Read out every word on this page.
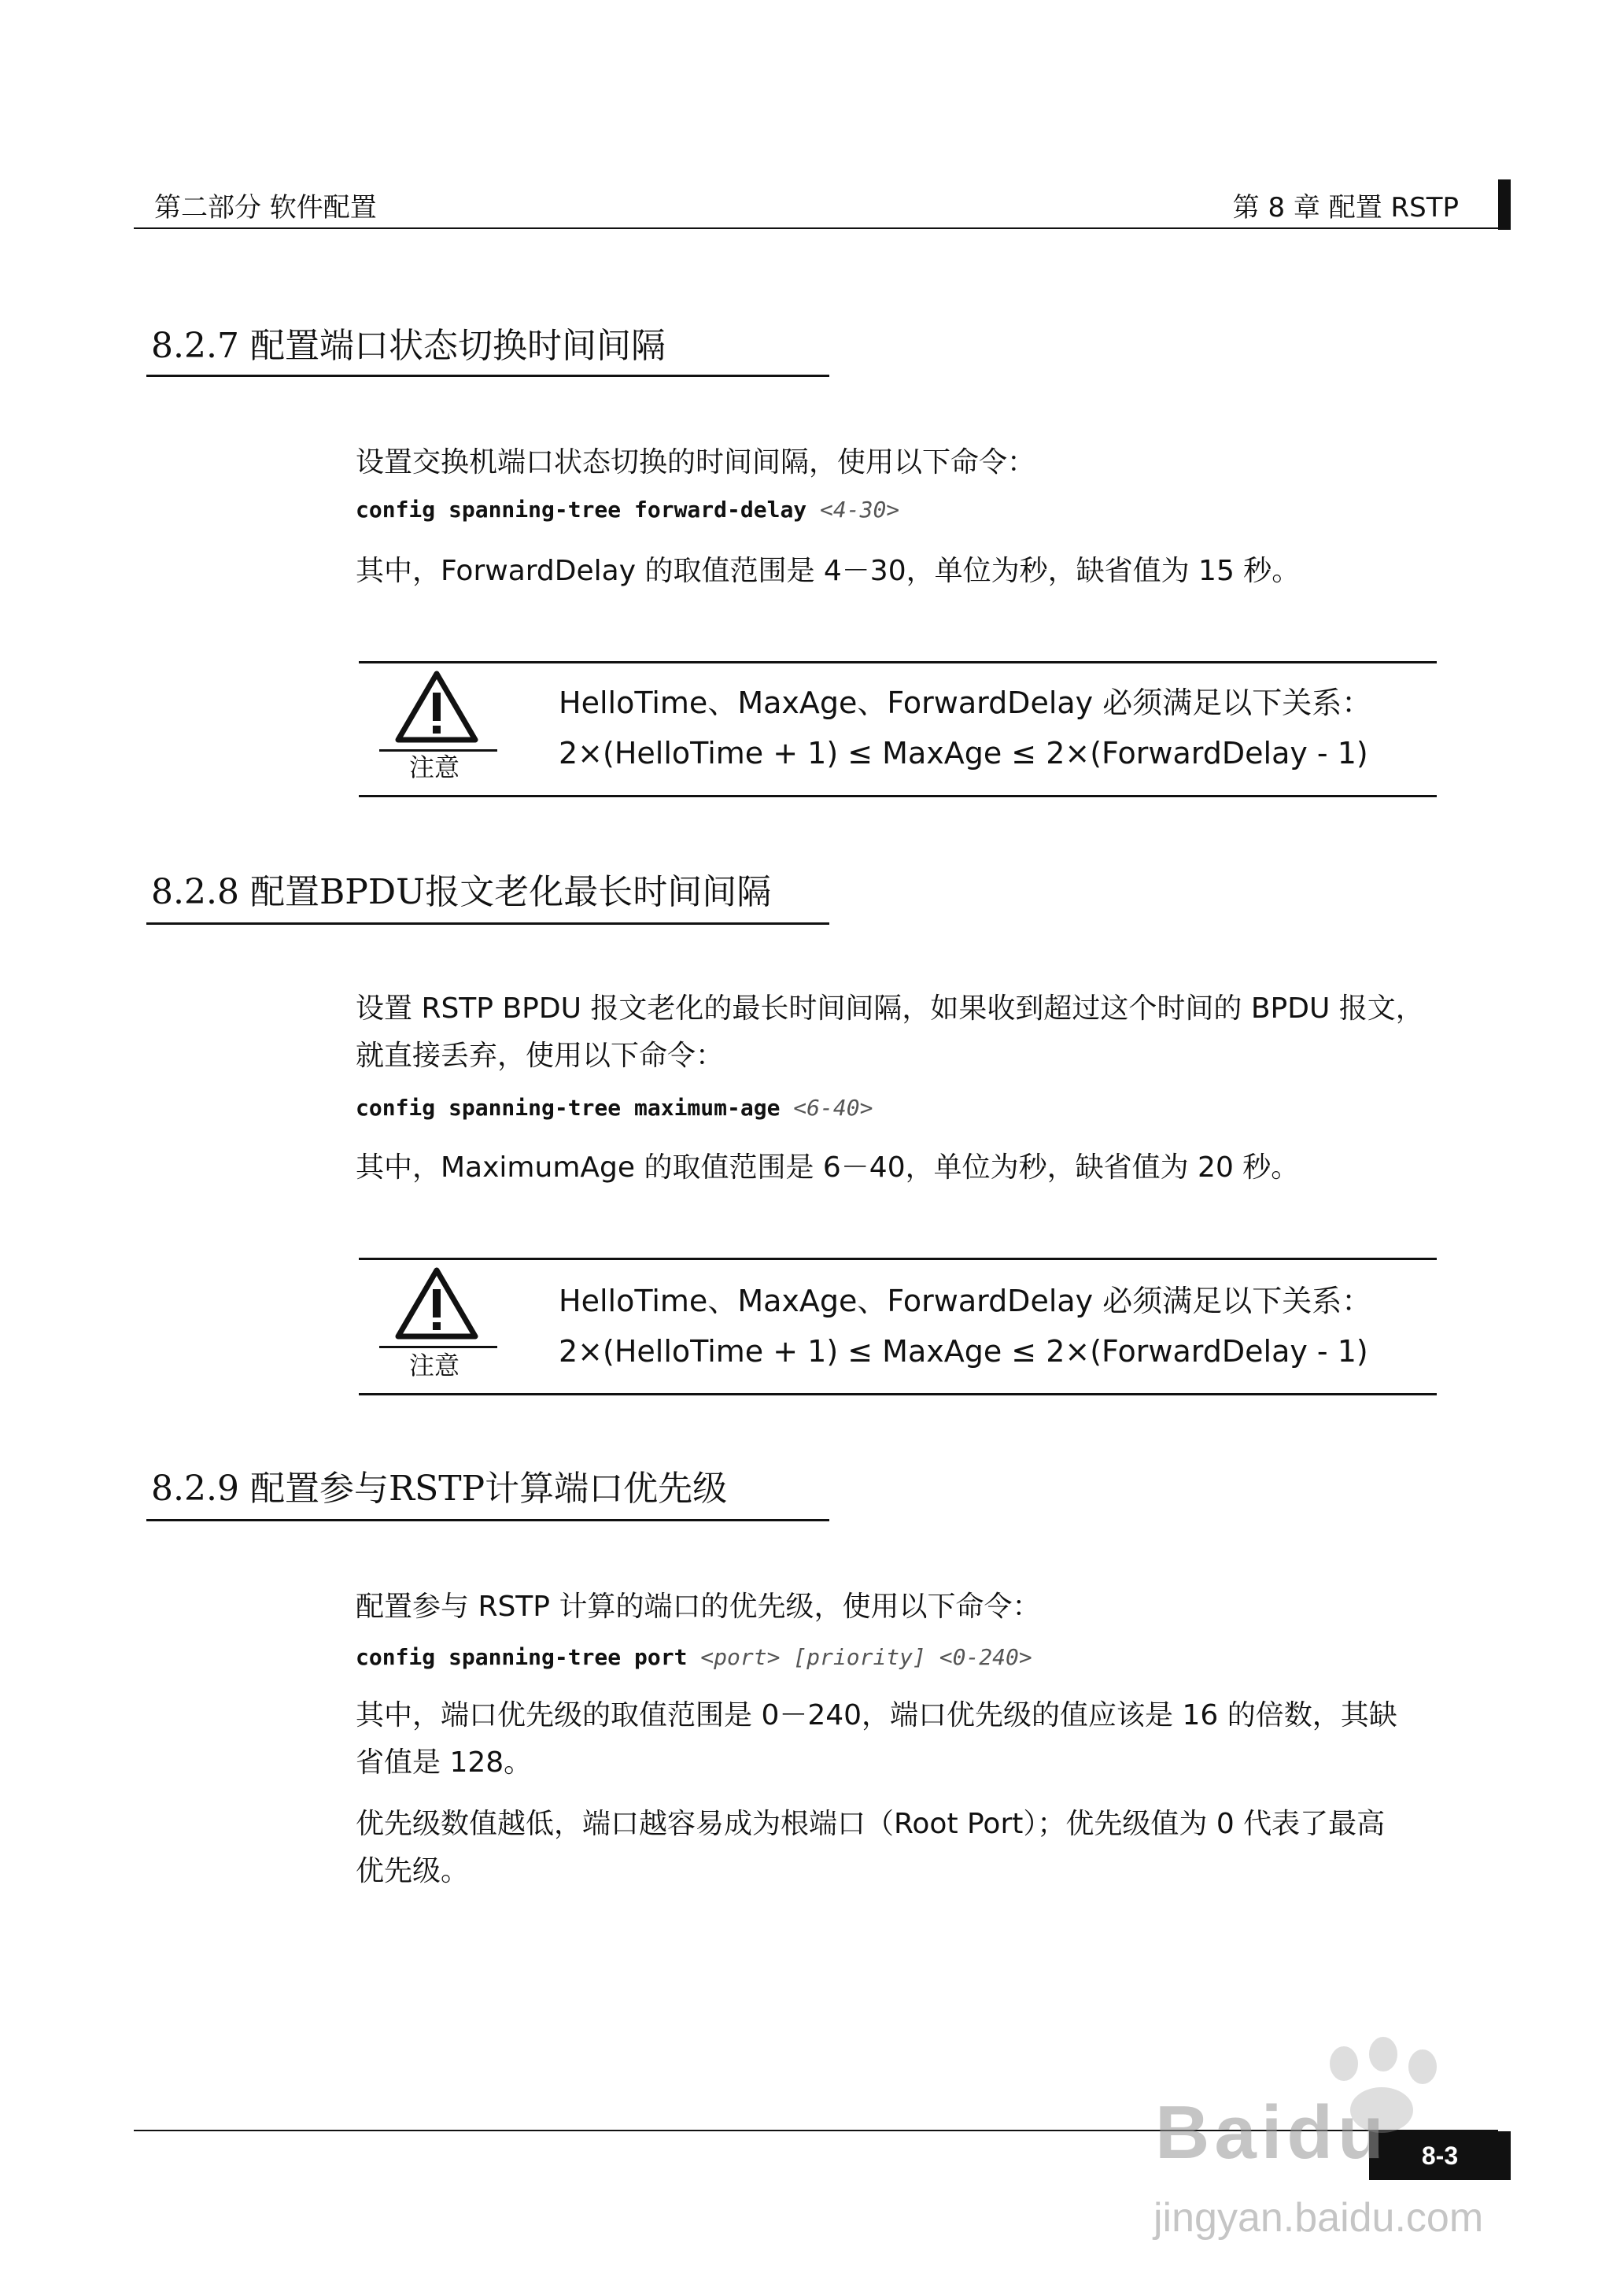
第二部分 软件配置	第 8 章 配置 RSTP
8.2.7 配置端口状态切换时间间隔
设置交换机端口状态切换的时间间隔，使用以下命令：
config spanning-tree forward-delay <4-30>
其中，ForwardDelay 的取值范围是 4－30，单位为秒，缺省值为 15 秒。
注意
HelloTime、MaxAge、ForwardDelay 必须满足以下关系：
2×(HelloTime + 1) ≤ MaxAge ≤ 2×(ForwardDelay - 1)
8.2.8 配置BPDU报文老化最长时间间隔
设置 RSTP BPDU 报文老化的最长时间间隔，如果收到超过这个时间的 BPDU 报文，
就直接丢弃，使用以下命令：
config spanning-tree maximum-age <6-40>
其中，MaximumAge 的取值范围是 6－40，单位为秒，缺省值为 20 秒。
注意
HelloTime、MaxAge、ForwardDelay 必须满足以下关系：
2×(HelloTime + 1) ≤ MaxAge ≤ 2×(ForwardDelay - 1)
8.2.9 配置参与RSTP计算端口优先级
配置参与 RSTP 计算的端口的优先级，使用以下命令：
config spanning-tree port <port> [priority] <0-240>
其中，端口优先级的取值范围是 0－240，端口优先级的值应该是 16 的倍数，其缺
省值是 128。
优先级数值越低，端口越容易成为根端口（Root Port）；优先级值为 0 代表了最高
优先级。
8-3
Baidu
jingyan.baidu.com
